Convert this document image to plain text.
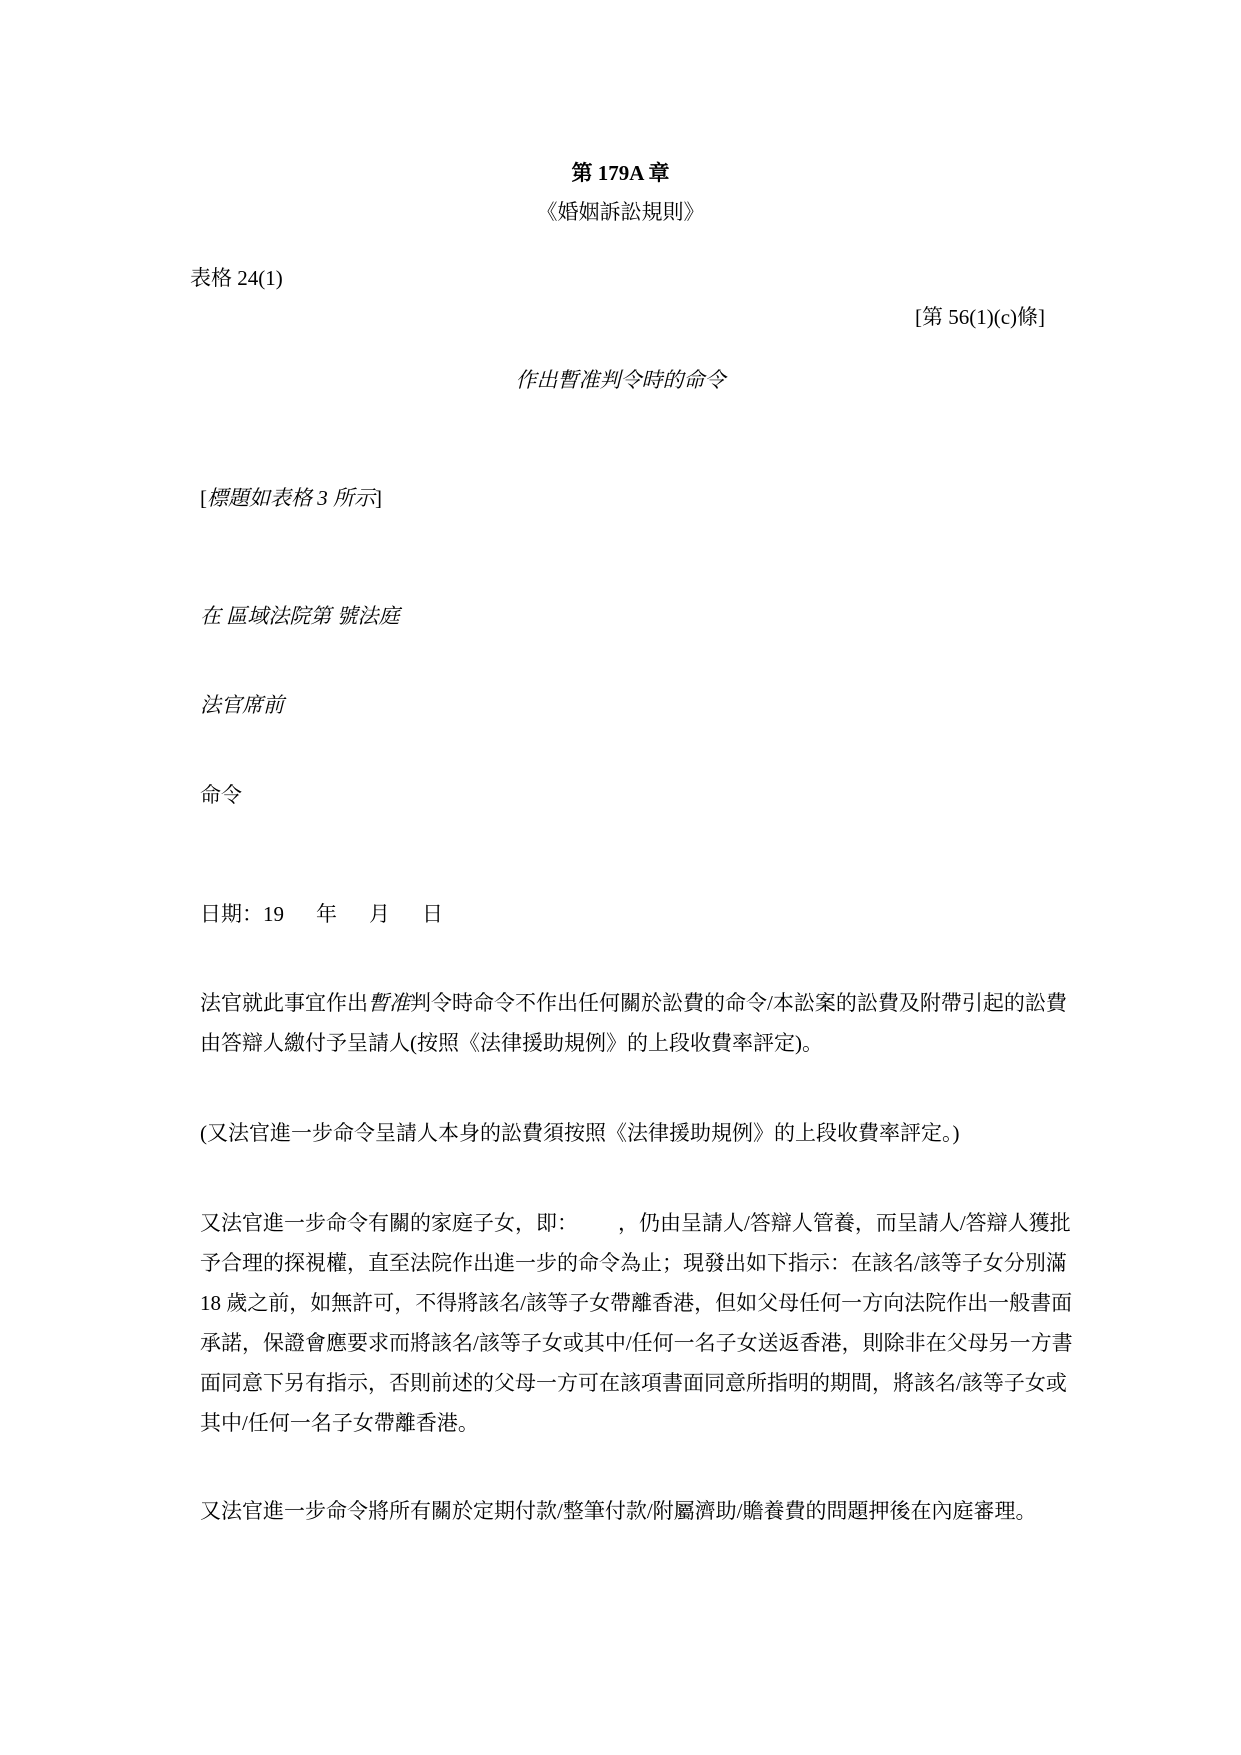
第 179A 章

《婚姻訴訟規則》

表格 24(1)

[第 56(1)(c)條]

作出暫准判令時的命令

[標題如表格 3 所示]

在 區域法院第 號法庭

法官席前

命令

日期：19 年 月 日

法官就此事宜作出暫准判令時命令不作出任何關於訟費的命令/本訟案的訟費及附帶引起的訟費由答辯人繳付予呈請人(按照《法律援助規例》的上段收費率評定)。

(又法官進一步命令呈請人本身的訟費須按照《法律援助規例》的上段收費率評定。)

又法官進一步命令有關的家庭子女，即： ，仍由呈請人/答辯人管養，而呈請人/答辯人獲批予合理的探視權，直至法院作出進一步的命令為止；現發出如下指示：在該名/該等子女分別滿 18 歲之前，如無許可，不得將該名/該等子女帶離香港，但如父母任何一方向法院作出一般書面承諾，保證會應要求而將該名/該等子女或其中/任何一名子女送返香港，則除非在父母另一方書面同意下另有指示，否則前述的父母一方可在該項書面同意所指明的期間，將該名/該等子女或其中/任何一名子女帶離香港。

又法官進一步命令將所有關於定期付款/整筆付款/附屬濟助/贍養費的問題押後在內庭審理。
